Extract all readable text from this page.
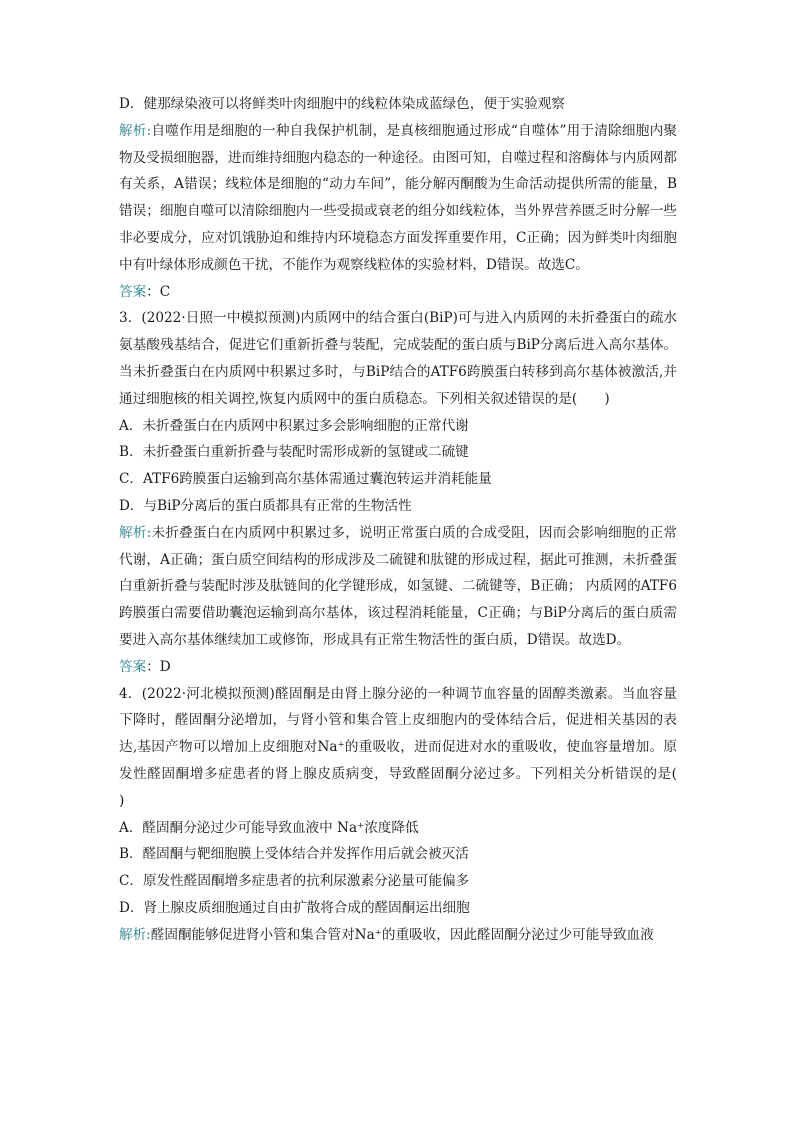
D．健那绿染液可以将鲜类叶肉细胞中的线粒体染成蓝绿色，便于实验观察

解析:自噬作用是细胞的一种自我保护机制，是真核细胞通过形成“自噬体”用于清除细胞内聚物及受损细胞器，进而维持细胞内稳态的一种途径。由图可知，自噬过程和溶酶体与内质网都有关系，A错误；线粒体是细胞的“动力车间”，能分解丙酮酸为生命活动提供所需的能量，B错误；细胞自噬可以清除细胞内一些受损或衰老的组分如线粒体，当外界营养匮乏时分解一些非必要成分，应对饥饿胁迫和维持内环境稳态方面发挥重要作用，C正确；因为鲜类叶肉细胞中有叶绿体形成颜色干扰，不能作为观察线粒体的实验材料，D错误。故选C。

答案：C

3．(2022·日照一中模拟预测)内质网中的结合蛋白(BiP)可与进入内质网的未折叠蛋白的疏水氨基酸残基结合，促进它们重新折叠与装配，完成装配的蛋白质与BiP分离后进入高尔基体。当未折叠蛋白在内质网中积累过多时，与BiP结合的ATF6跨膜蛋白转移到高尔基体被激活,并通过细胞核的相关调控,恢复内质网中的蛋白质稳态。下列相关叙述错误的是(　　)

A．未折叠蛋白在内质网中积累过多会影响细胞的正常代谢

B．未折叠蛋白重新折叠与装配时需形成新的氢键或二硫键

C．ATF6跨膜蛋白运输到高尔基体需通过囊泡转运并消耗能量

D．与BiP分离后的蛋白质都具有正常的生物活性

解析:未折叠蛋白在内质网中积累过多，说明正常蛋白质的合成受阻，因而会影响细胞的正常代谢，A正确；蛋白质空间结构的形成涉及二硫键和肽键的形成过程，据此可推测，未折叠蛋白重新折叠与装配时涉及肽链间的化学键形成，如氢键、二硫键等，B正确； 内质网的ATF6跨膜蛋白需要借助囊泡运输到高尔基体，该过程消耗能量，C正确；与BiP分离后的蛋白质需要进入高尔基体继续加工或修饰，形成具有正常生物活性的蛋白质，D错误。故选D。

答案：D

4．(2022·河北模拟预测)醛固酮是由肾上腺分泌的一种调节血容量的固醇类激素。当血容量下降时，醛固酮分泌增加，与肾小管和集合管上皮细胞内的受体结合后，促进相关基因的表达,基因产物可以增加上皮细胞对Na⁺的重吸收，进而促进对水的重吸收，使血容量增加。原发性醛固酮增多症患者的肾上腺皮质病变，导致醛固酮分泌过多。下列相关分析错误的是(　　)

A．醛固酮分泌过少可能导致血液中 Na⁺浓度降低

B．醛固酮与靶细胞膜上受体结合并发挥作用后就会被灭活

C．原发性醛固酮增多症患者的抗利尿激素分泌量可能偏多

D．肾上腺皮质细胞通过自由扩散将合成的醛固酮运出细胞

解析:醛固酮能够促进肾小管和集合管对Na⁺的重吸收，因此醛固酮分泌过少可能导致血液
